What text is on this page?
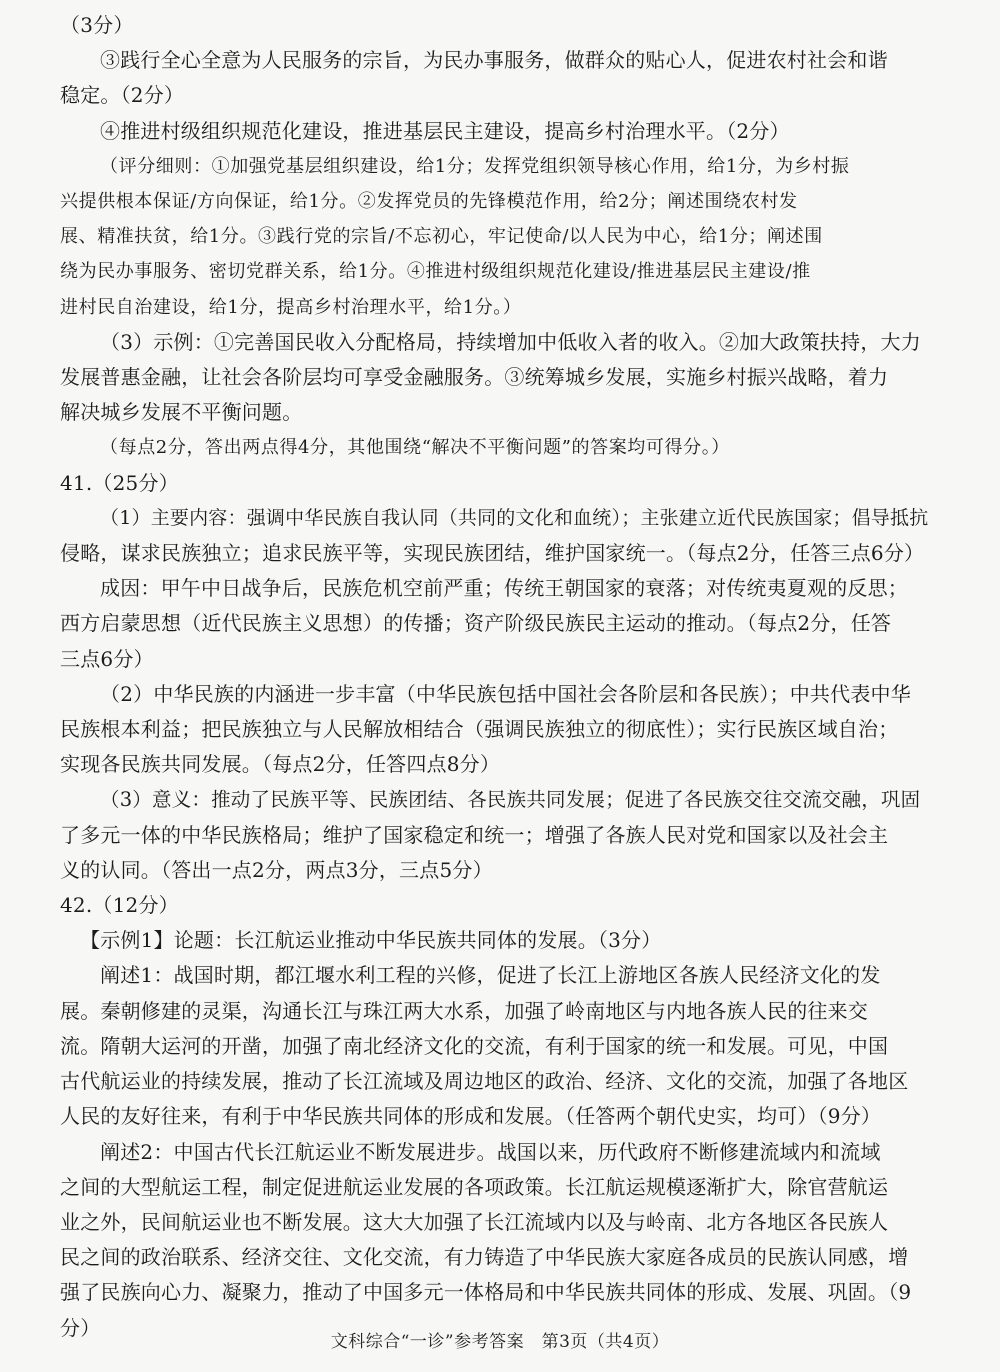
（3分）
③践行全心全意为人民服务的宗旨，为民办事服务，做群众的贴心人，促进农村社会和谐
稳定。（2分）
④推进村级组织规范化建设，推进基层民主建设，提高乡村治理水平。（2分）
（评分细则：①加强党基层组织建设，给1分；发挥党组织领导核心作用，给1分，为乡村振
兴提供根本保证/方向保证，给1分。②发挥党员的先锋模范作用，给2分；阐述围绕农村发
展、精准扶贫，给1分。③践行党的宗旨/不忘初心，牢记使命/以人民为中心，给1分；阐述围
绕为民办事服务、密切党群关系，给1分。④推进村级组织规范化建设/推进基层民主建设/推
进村民自治建设，给1分，提高乡村治理水平，给1分。）
（3）示例：①完善国民收入分配格局，持续增加中低收入者的收入。②加大政策扶持，大力
发展普惠金融，让社会各阶层均可享受金融服务。③统筹城乡发展，实施乡村振兴战略，着力
解决城乡发展不平衡问题。
（每点2分，答出两点得4分，其他围绕“解决不平衡问题”的答案均可得分。）
41.（25分）
（1）主要内容：强调中华民族自我认同（共同的文化和血统）；主张建立近代民族国家；倡导抵抗
侵略，谋求民族独立；追求民族平等，实现民族团结，维护国家统一。（每点2分，任答三点6分）
成因：甲午中日战争后，民族危机空前严重；传统王朝国家的衰落；对传统夷夏观的反思；
西方启蒙思想（近代民族主义思想）的传播；资产阶级民族民主运动的推动。（每点2分，任答
三点6分）
（2）中华民族的内涵进一步丰富（中华民族包括中国社会各阶层和各民族）；中共代表中华
民族根本利益；把民族独立与人民解放相结合（强调民族独立的彻底性）；实行民族区域自治；
实现各民族共同发展。（每点2分，任答四点8分）
（3）意义：推动了民族平等、民族团结、各民族共同发展；促进了各民族交往交流交融，巩固
了多元一体的中华民族格局；维护了国家稳定和统一；增强了各族人民对党和国家以及社会主
义的认同。（答出一点2分，两点3分，三点5分）
42.（12分）
【示例1】论题：长江航运业推动中华民族共同体的发展。（3分）
阐述1：战国时期，都江堰水利工程的兴修，促进了长江上游地区各族人民经济文化的发
展。秦朝修建的灵渠，沟通长江与珠江两大水系，加强了岭南地区与内地各族人民的往来交
流。隋朝大运河的开凿，加强了南北经济文化的交流，有利于国家的统一和发展。可见，中国
古代航运业的持续发展，推动了长江流域及周边地区的政治、经济、文化的交流，加强了各地区
人民的友好往来，有利于中华民族共同体的形成和发展。（任答两个朝代史实，均可）（9分）
阐述2：中国古代长江航运业不断发展进步。战国以来，历代政府不断修建流域内和流域
之间的大型航运工程，制定促进航运业发展的各项政策。长江航运规模逐渐扩大，除官营航运
业之外，民间航运业也不断发展。这大大加强了长江流域内以及与岭南、北方各地区各民族人
民之间的政治联系、经济交往、文化交流，有力铸造了中华民族大家庭各成员的民族认同感，增
强了民族向心力、凝聚力，推动了中国多元一体格局和中华民族共同体的形成、发展、巩固。（9
分）
文科综合“一诊”参考答案　第3页（共4页）
